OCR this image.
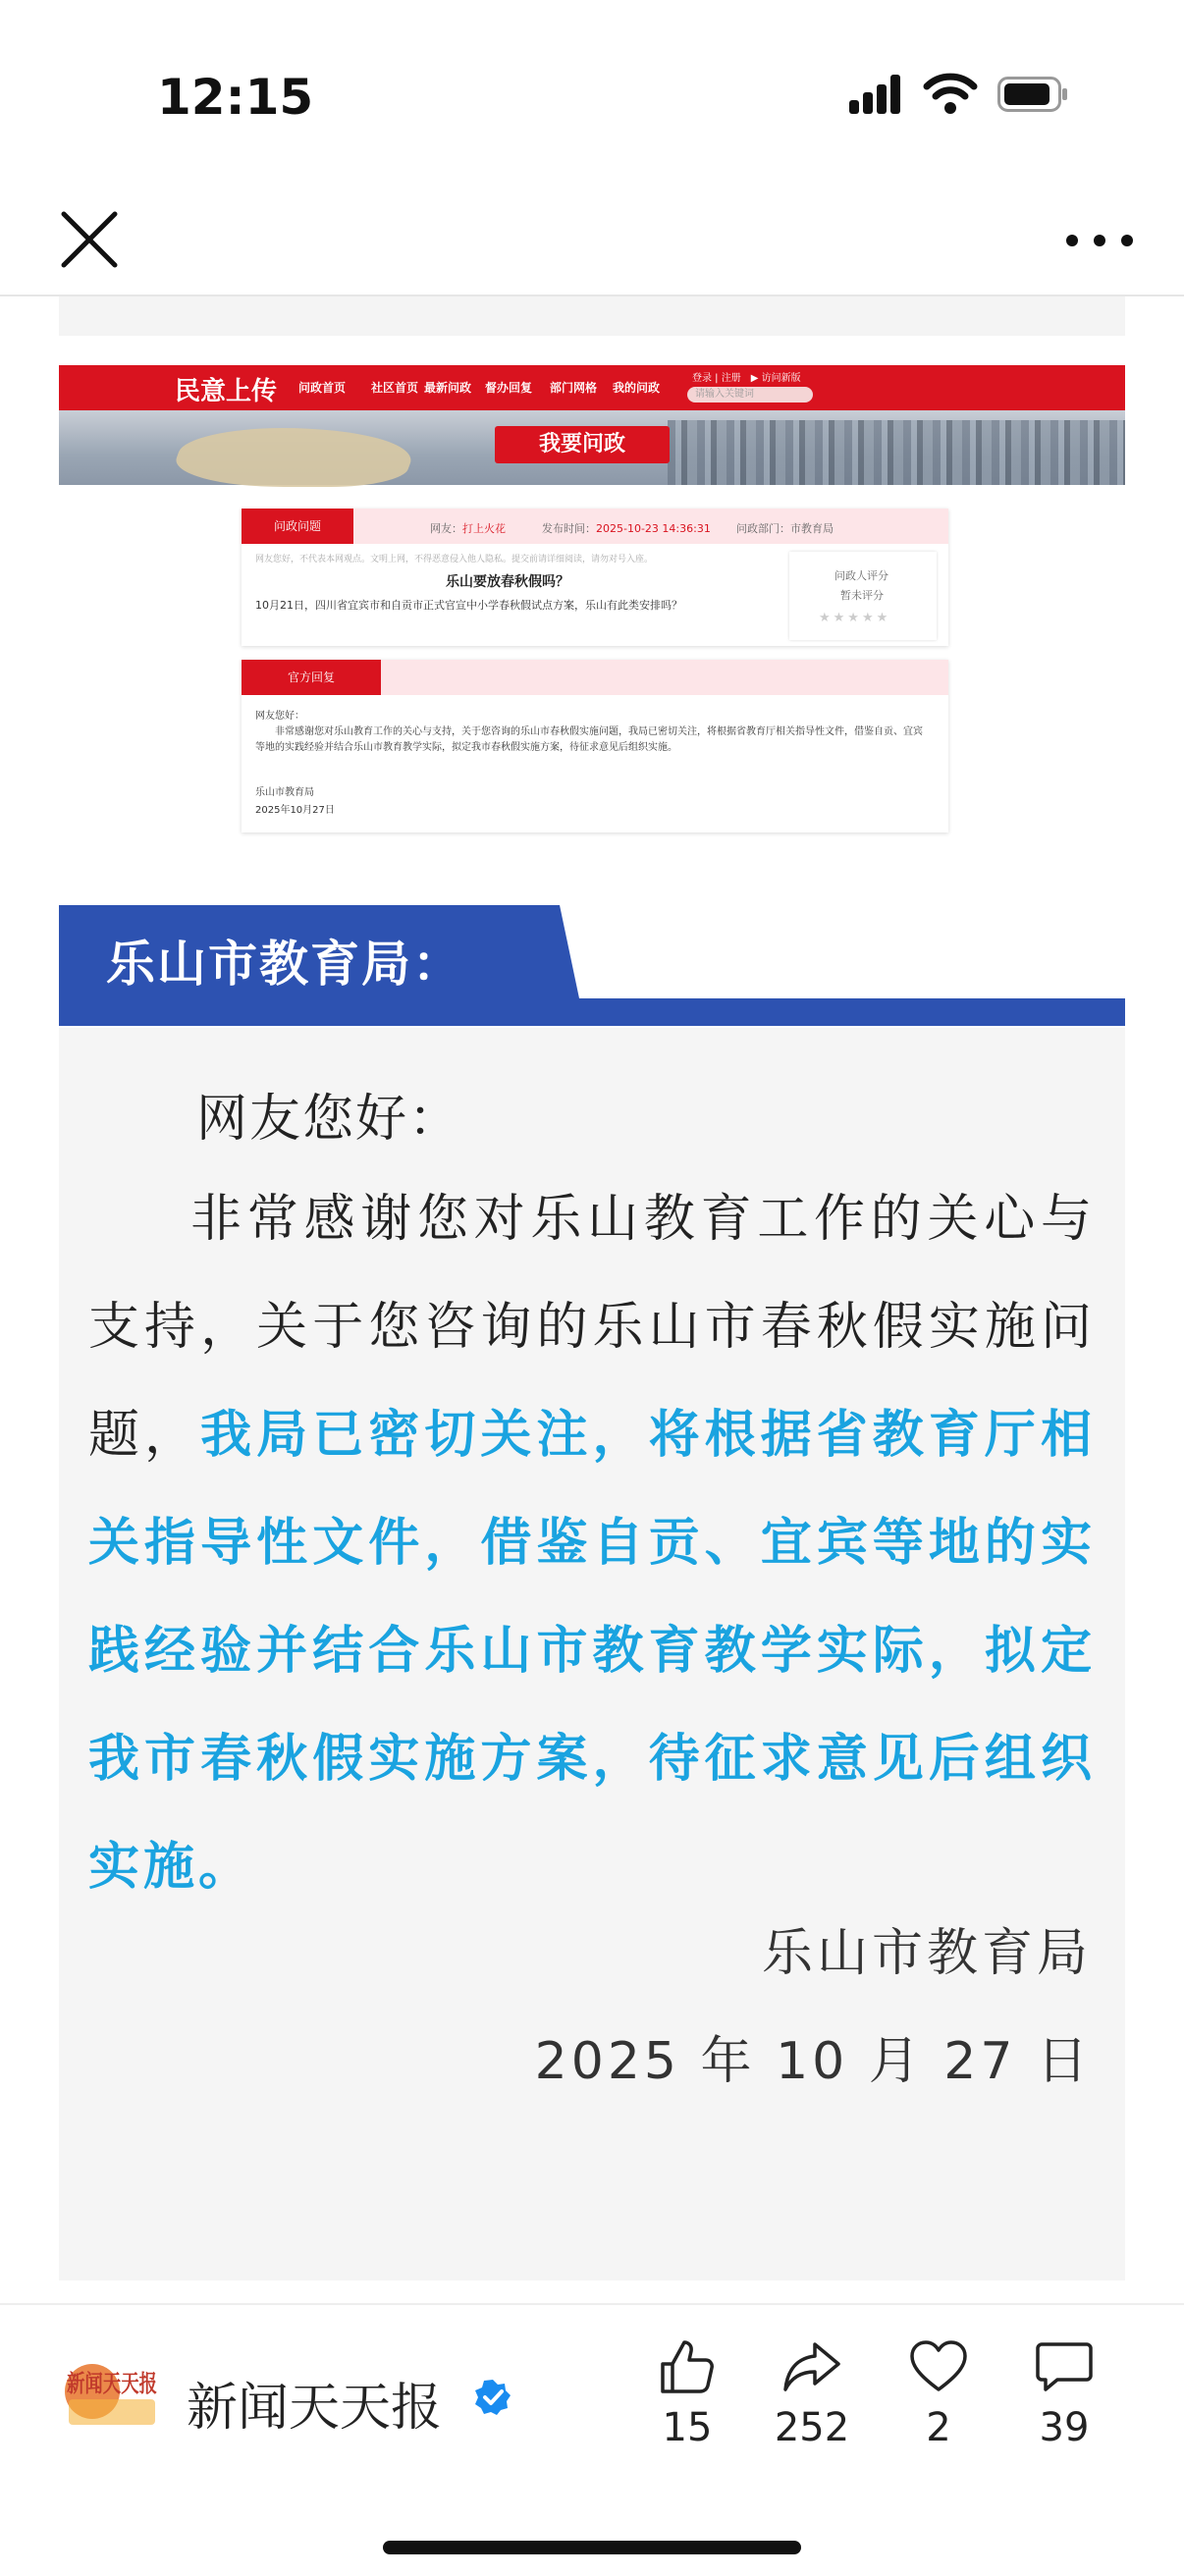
12:15
民意上传 问政首页 社区首页 最新问政 督办回复 部门网格 我的问政
登录 | 注册　▶ 访问新版
请输入关键词
我要问政
问政问题	网友：打上火花	发布时间：2025-10-23 14:36:31 问政部门：市教育局
网友您好，不代表本网观点。文明上网，不得恶意侵入他人隐私。提交前请详细阅读，请勿对号入座。
乐山要放春秋假吗？
10月21日，四川省宜宾市和自贡市正式官宣中小学春秋假试点方案，乐山有此类安排吗？
问政人评分
暂未评分
★★★★★
官方回复
网友您好：
非常感谢您对乐山教育工作的关心与支持，关于您咨询的乐山市春秋假实施问题，我局已密切关注，将根据省教育厅相关指导性文件，借鉴自贡、宜宾等地的实践经验并结合乐山市教育教学实际，拟定我市春秋假实施方案，待征求意见后组织实施。
乐山市教育局
2025年10月27日
乐山市教育局：
网友您好：
非常感谢您对乐山教育工作的关心与支持，关于您咨询的乐山市春秋假实施问题，我局已密切关注，将根据省教育厅相关指导性文件，借鉴自贡、宜宾等地的实践经验并结合乐山市教育教学实际，拟定我市春秋假实施方案，待征求意见后组织实施。
乐山市教育局
2025 年 10 月 27 日
新闻天天报 新闻天天报	15	252	2	39
